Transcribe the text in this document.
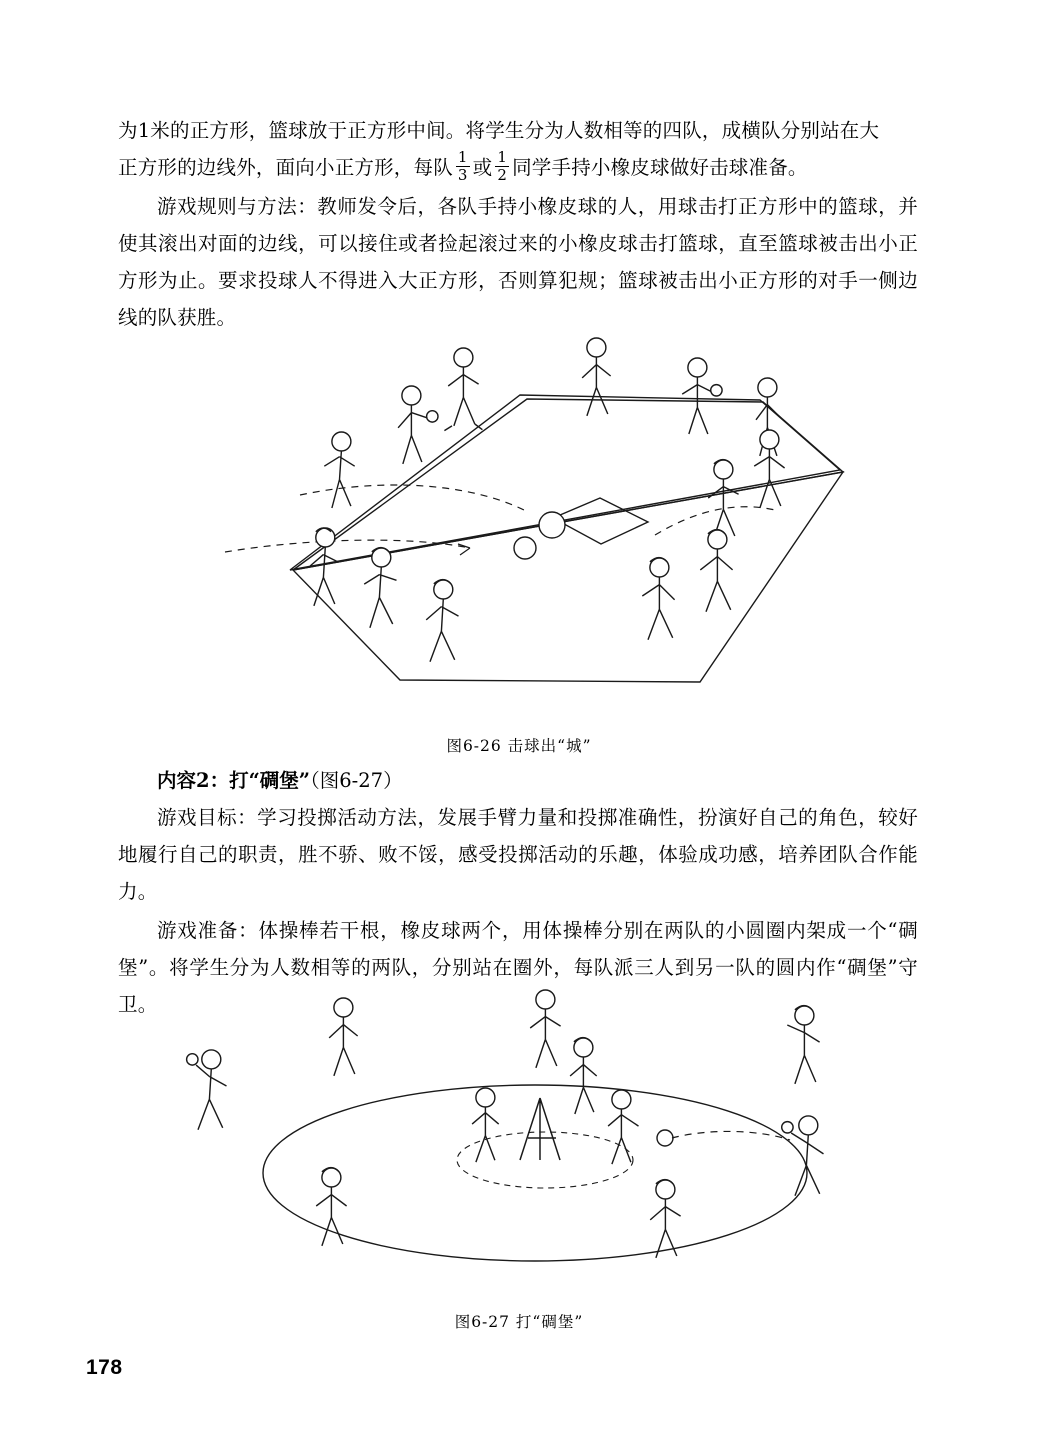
为1米的正方形，篮球放于正方形中间。将学生分为人数相等的四队，成横队分别站在大
正方形的边线外，面向小正方形，每队 $\frac{1}{3}$ 或 $\frac{1}{2}$ 同学手持小橡皮球做好击球准备。

游戏规则与方法：教师发令后，各队手持小橡皮球的人，用球击打正方形中的篮球，并使其滚出对面的边线，可以接住或者捡起滚过来的小橡皮球击打篮球，直至篮球被击出小正方形为止。要求投球人不得进入大正方形，否则算犯规；篮球被击出小正方形的对手一侧边线的队获胜。

图6-26 击球出“城”

内容2：打“碉堡”（图6-27）

游戏目标：学习投掷活动方法，发展手臂力量和投掷准确性，扮演好自己的角色，较好地履行自己的职责，胜不骄、败不馁，感受投掷活动的乐趣，体验成功感，培养团队合作能力。

游戏准备：体操棒若干根，橡皮球两个，用体操棒分别在两队的小圆圈内架成一个“碉堡”。将学生分为人数相等的两队，分别站在圈外，每队派三人到另一队的圆内作“碉堡”守卫。

图6-27 打“碉堡”
178
